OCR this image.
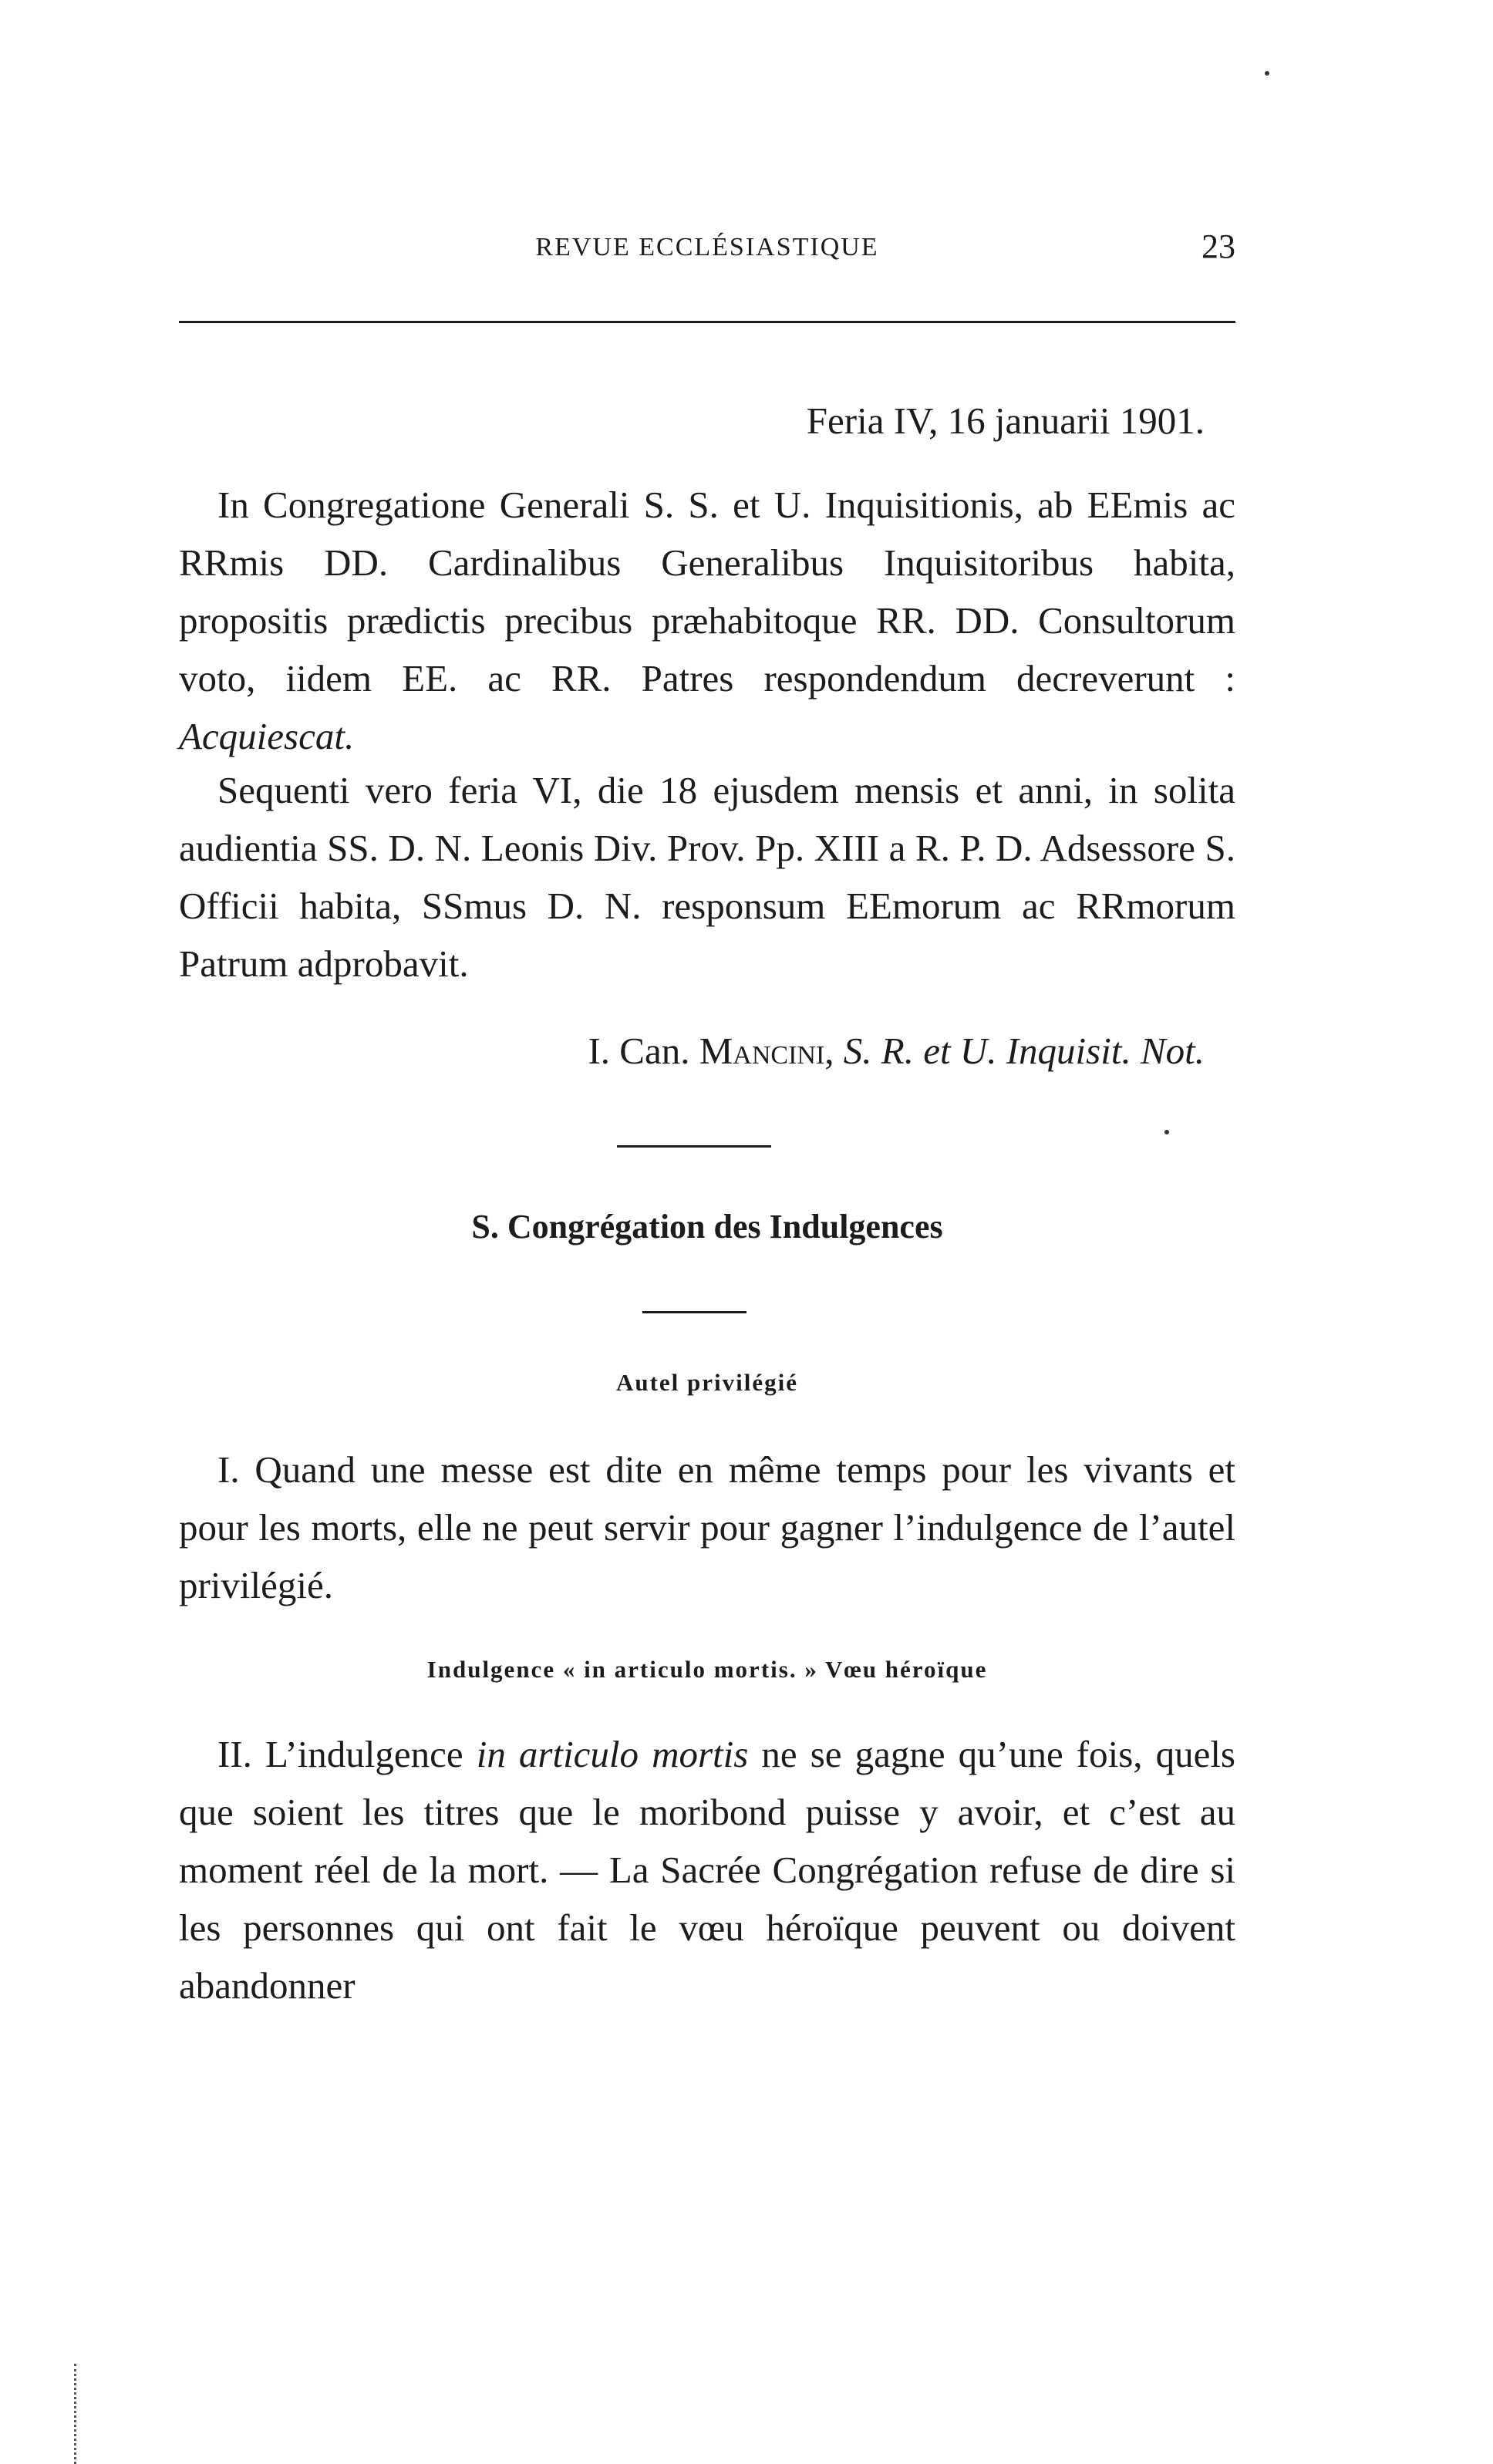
REVUE ECCLÉSIASTIQUE	23
Feria IV, 16 januarii 1901.

In Congregatione Generali S. S. et U. Inquisitionis, ab EEmis ac RRmis DD. Cardinalibus Generalibus Inquisitoribus habita, propositis prædictis precibus præhabitoque RR. DD. Consultorum voto, iidem EE. ac RR. Patres respondendum decreverunt : Acquiescat.

Sequenti vero feria VI, die 18 ejusdem mensis et anni, in solita audientia SS. D. N. Leonis Div. Prov. Pp. XIII a R. P. D. Adsessore S. Officii habita, SSmus D. N. responsum EEmorum ac RRmorum Patrum adprobavit.

I. Can. Mancini, S. R. et U. Inquisit. Not.
S. Congrégation des Indulgences
Autel privilégié

I. Quand une messe est dite en même temps pour les vivants et pour les morts, elle ne peut servir pour gagner l’indulgence de l’autel privilégié.

Indulgence « in articulo mortis. » Vœu héroïque

II. L’indulgence in articulo mortis ne se gagne qu’une fois, quels que soient les titres que le moribond puisse y avoir, et c’est au moment réel de la mort. — La Sacrée Congrégation refuse de dire si les personnes qui ont fait le vœu héroïque peuvent ou doivent abandonner
